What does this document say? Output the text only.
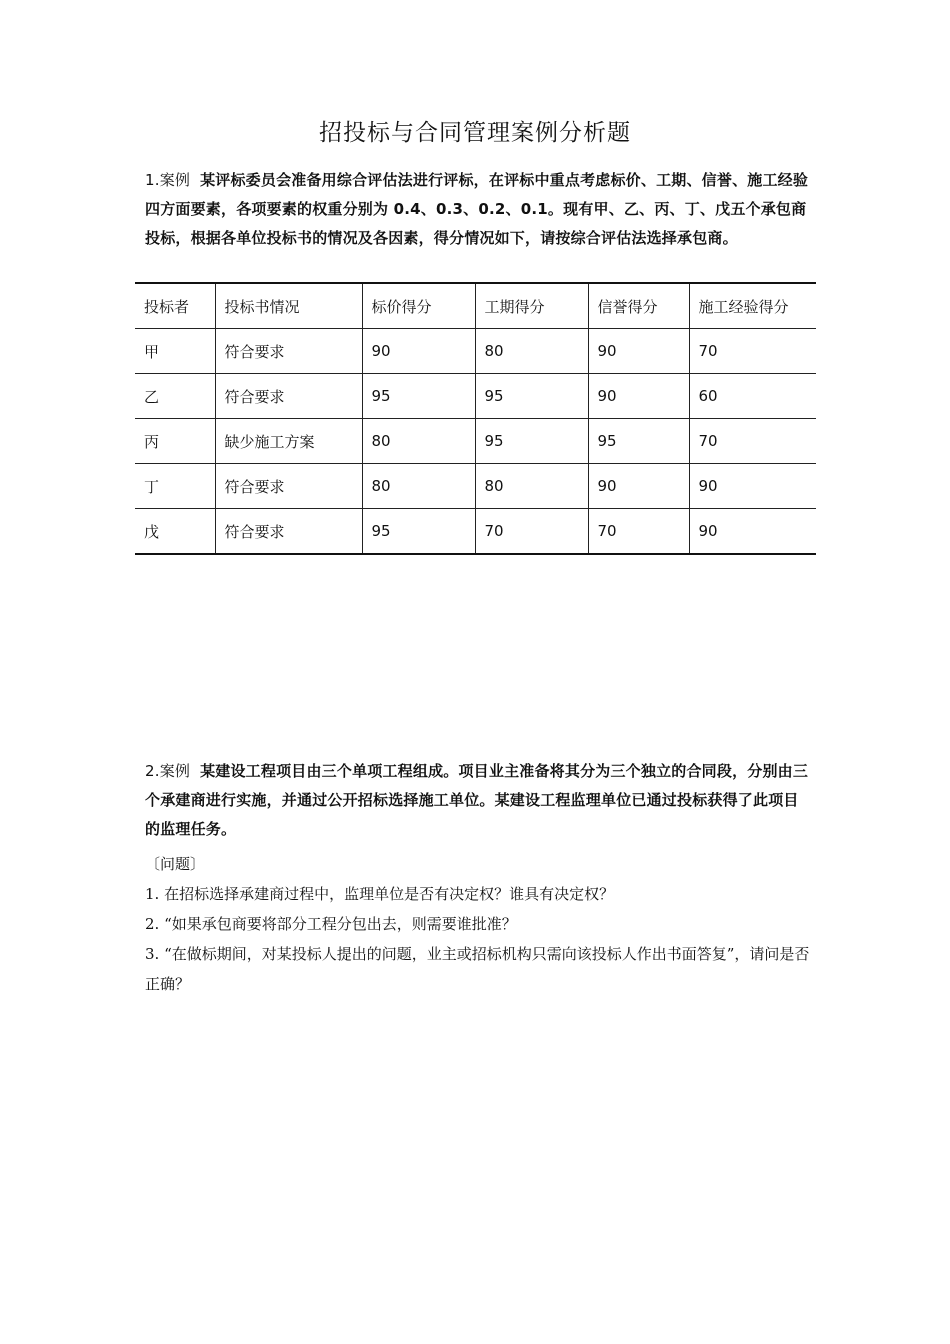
招投标与合同管理案例分析题
1.案例 某评标委员会准备用综合评估法进行评标，在评标中重点考虑标价、工期、信誉、施工经验四方面要素，各项要素的权重分别为 0.4、0.3、0.2、0.1。现有甲、乙、丙、丁、戊五个承包商投标，根据各单位投标书的情况及各因素，得分情况如下，请按综合评估法选择承包商。
投标者	投标书情况	标价得分	工期得分	信誉得分	施工经验得分
甲	符合要求	90	80	90	70
乙	符合要求	95	95	90	60
丙	缺少施工方案	80	95	95	70
丁	符合要求	80	80	90	90
戊	符合要求	95	70	70	90
2.案例 某建设工程项目由三个单项工程组成。项目业主准备将其分为三个独立的合同段，分别由三个承建商进行实施，并通过公开招标选择施工单位。某建设工程监理单位已通过投标获得了此项目的监理任务。
〔问题〕
1. 在招标选择承建商过程中，监理单位是否有决定权？谁具有决定权？
2. “如果承包商要将部分工程分包出去，则需要谁批准？
3. “在做标期间，对某投标人提出的问题，业主或招标机构只需向该投标人作出书面答复”，请问是否正确？
